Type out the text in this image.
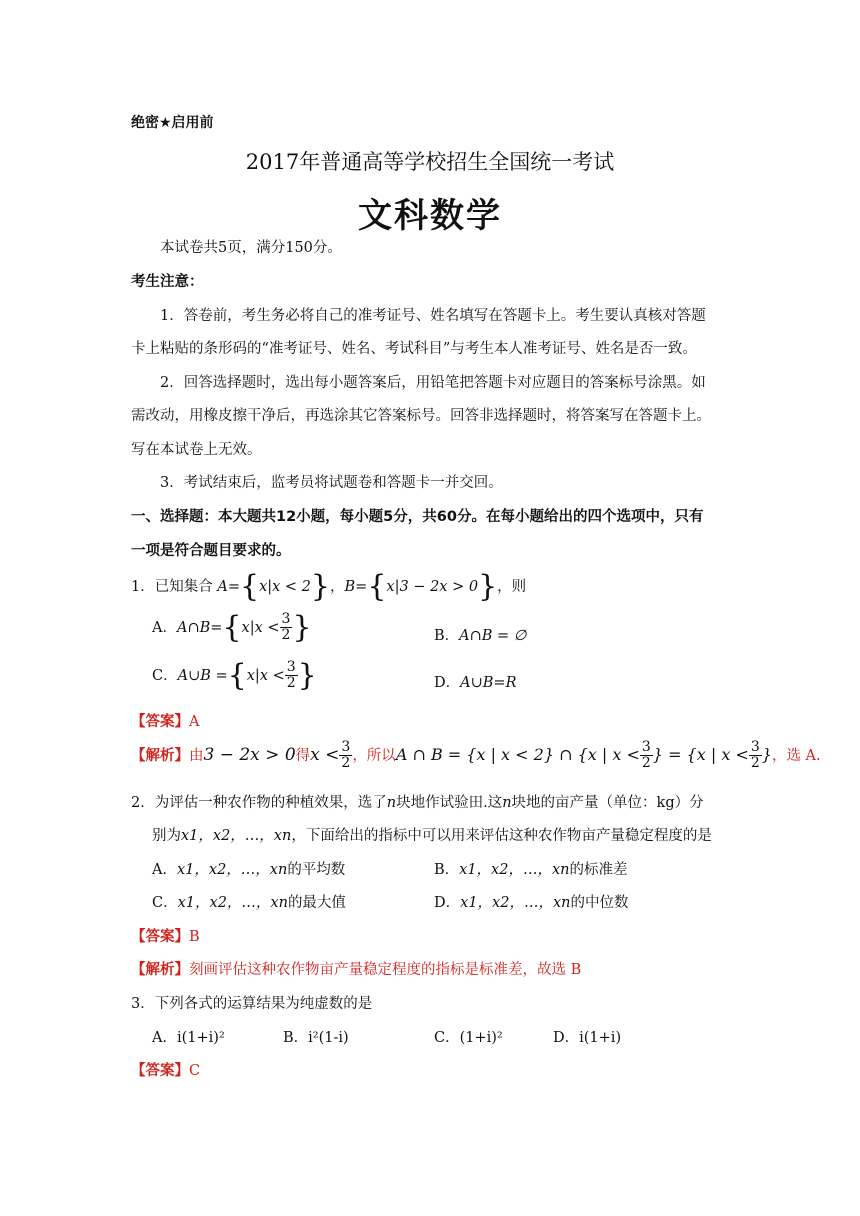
绝密★启用前
2017年普通高等学校招生全国统一考试
文科数学
本试卷共5页，满分150分。
考生注意：
1．答卷前，考生务必将自己的准考证号、姓名填写在答题卡上。考生要认真核对答题
卡上粘贴的条形码的“准考证号、姓名、考试科目”与考生本人准考证号、姓名是否一致。
2．回答选择题时，选出每小题答案后，用铅笔把答题卡对应题目的答案标号涂黑。如
需改动，用橡皮擦干净后，再选涂其它答案标号。回答非选择题时，将答案写在答题卡上。
写在本试卷上无效。
3．考试结束后，监考员将试题卷和答题卡一并交回。
一、选择题：本大题共12小题，每小题5分，共60分。在每小题给出的四个选项中，只有
一项是符合题目要求的。
1．已知集合 A={x|x < 2}，B={x|3 − 2x > 0}，则
A．A∩B={x|x < $\frac{3}{2}$ }	B．A∩B = ∅
C．A∪B $=\{x|x < \frac{3}{2}$ }	D．A∪B=R
【答案】A
【解析】由3 − 2x > 0得$x < \frac{3}{2}$ ，所以A ∩ B = {x | x < 2} ∩ {x | $x < \frac{3}{2}$ } = {x | $x < \frac{3}{2}$ }，选 A.
2．为评估一种农作物的种植效果，选了n块地作试验田.这n块地的亩产量（单位：kg）分
别为x1，x2，…，xn，下面给出的指标中可以用来评估这种农作物亩产量稳定程度的是
A．x1，x2，…，xn的平均数	B．x1，x2，…，xn的标准差
C．x1，x2，…，xn的最大值	D．x1，x2，…，xn的中位数
【答案】B
【解析】刻画评估这种农作物亩产量稳定程度的指标是标准差，故选 B
3．下列各式的运算结果为纯虚数的是
A．i(1+i)²	B．i²(1-i)	C．(1+i)²	D．i(1+i)
【答案】C
